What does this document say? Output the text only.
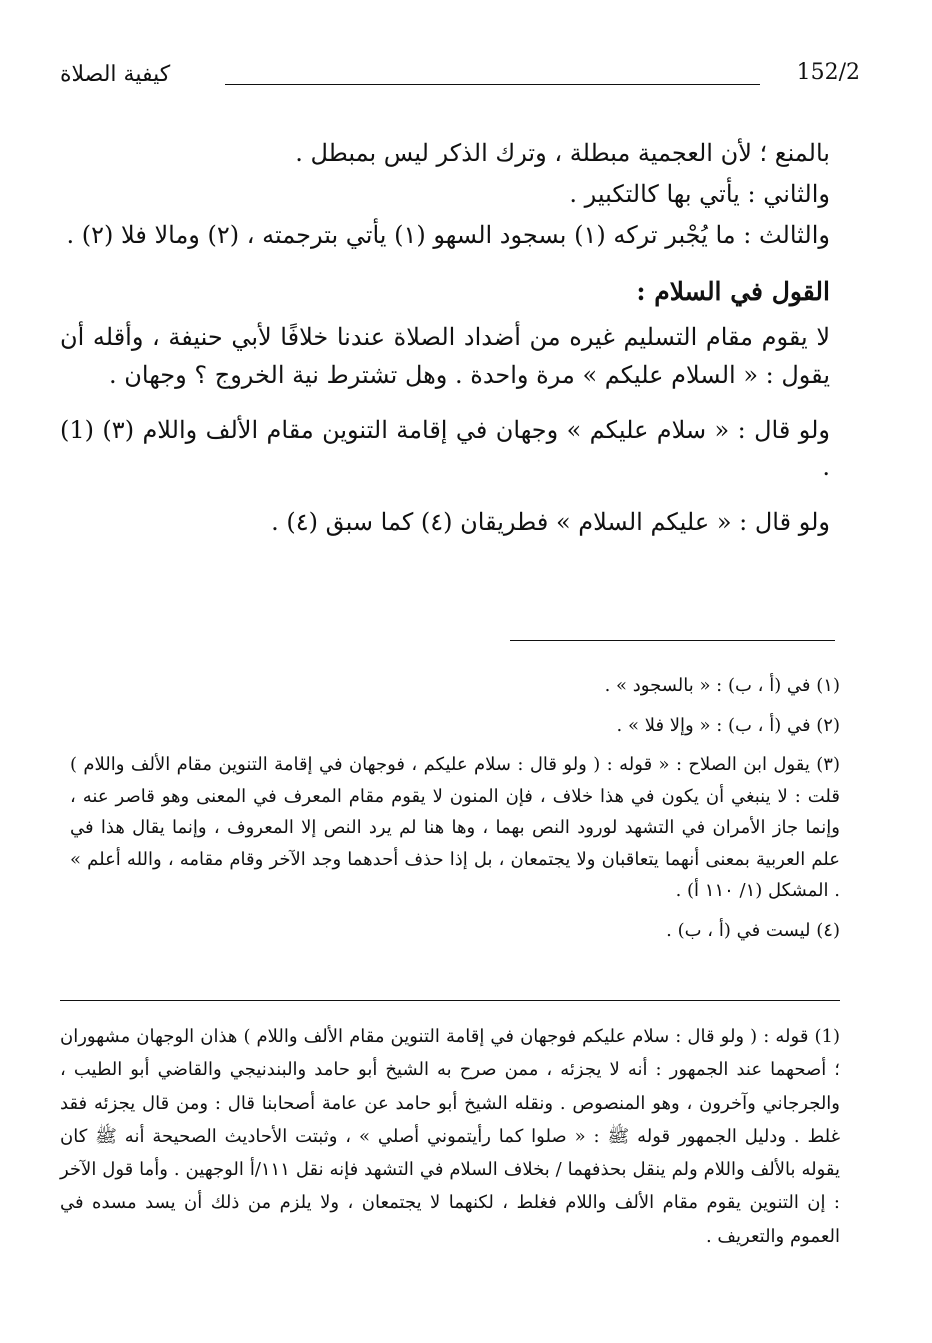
كيفية الصلاة	152/2

بالمنع ؛ لأن العجمية مبطلة ، وترك الذكر ليس بمبطل .

والثاني : يأتي بها كالتكبير .

والثالث : ما يُجْبر تركه (١) بسجود السهو (١) يأتي بترجمته ، (٢) ومالا فلا (٢) .

القول في السلام :

لا يقوم مقام التسليم غيره من أضداد الصلاة عندنا خلافًا لأبي حنيفة ، وأقله أن يقول : « السلام عليكم » مرة واحدة . وهل تشترط نية الخروج ؟ وجهان .

ولو قال : « سلام عليكم » وجهان في إقامة التنوين مقام الألف واللام (٣) (1) .

ولو قال : « عليكم السلام » فطريقان (٤) كما سبق (٤) .

(١) في (أ ، ب) : « بالسجود » .

(٢) في (أ ، ب) : « وإلا فلا » .

(٣) يقول ابن الصلاح : « قوله : ( ولو قال : سلام عليكم ، فوجهان في إقامة التنوين مقام الألف واللام ) قلت : لا ينبغي أن يكون في هذا خلاف ، فإن المنون لا يقوم مقام المعرف في المعنى وهو قاصر عنه ، وإنما جاز الأمران في التشهد لورود النص بهما ، وها هنا لم يرد النص إلا المعروف ، وإنما يقال هذا في علم العربية بمعنى أنهما يتعاقبان ولا يجتمعان ، بل إذا حذف أحدهما وجد الآخر وقام مقامه ، والله أعلم » . المشكل (١/ ١١٠ أ) .

(٤) ليست في (أ ، ب) .

(1) قوله : ( ولو قال : سلام عليكم فوجهان في إقامة التنوين مقام الألف واللام ) هذان الوجهان مشهوران ؛ أصحهما عند الجمهور : أنه لا يجزئه ، ممن صرح به الشيخ أبو حامد والبندنيجي والقاضي أبو الطيب ، والجرجاني وآخرون ، وهو المنصوص . ونقله الشيخ أبو حامد عن عامة أصحابنا قال : ومن قال يجزئه فقد غلط . ودليل الجمهور قوله ﷺ : « صلوا كما رأيتموني أصلي » ، وثبتت الأحاديث الصحيحة أنه ﷺ كان يقوله بالألف واللام ولم ينقل بحذفهما / بخلاف السلام في التشهد فإنه نقل ١١١/أ الوجهين . وأما قول الآخر : إن التنوين يقوم مقام الألف واللام فغلط ، لكنهما لا يجتمعان ، ولا يلزم من ذلك أن يسد مسده في العموم والتعريف .
